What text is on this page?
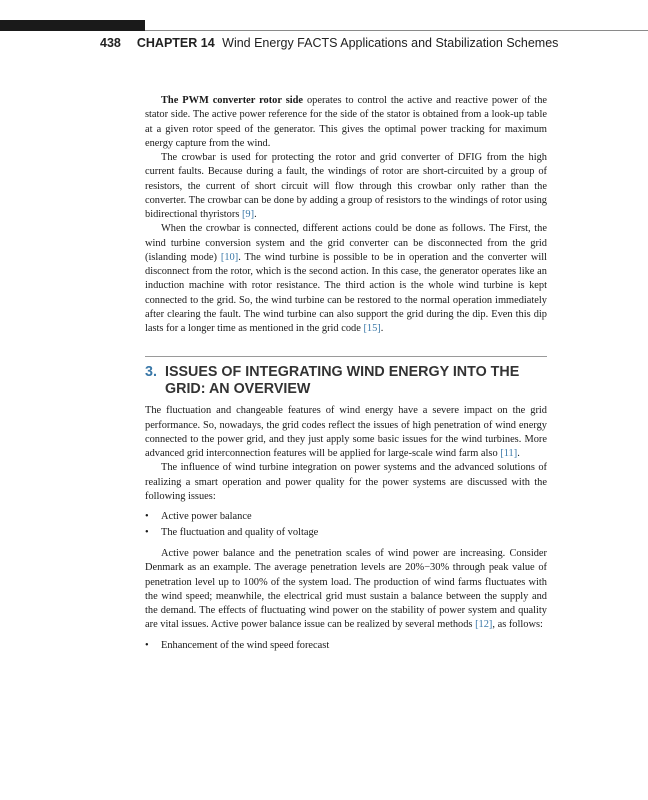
438 CHAPTER 14 Wind Energy FACTS Applications and Stabilization Schemes

The PWM converter rotor side operates to control the active and reactive power of the stator side. The active power reference for the side of the stator is obtained from a look-up table at a given rotor speed of the generator. This gives the optimal power tracking for maximum energy capture from the wind.

The crowbar is used for protecting the rotor and grid converter of DFIG from the high current faults. Because during a fault, the windings of rotor are short-circuited by a group of resistors, the current of short circuit will flow through this crowbar only rather than the converter. The crowbar can be done by adding a group of resistors to the windings of rotor using bidirectional thyristors [9].

When the crowbar is connected, different actions could be done as follows. The First, the wind turbine conversion system and the grid converter can be disconnected from the grid (islanding mode) [10]. The wind turbine is possible to be in operation and the converter will disconnect from the rotor, which is the second action. In this case, the generator operates like an induction machine with rotor resistance. The third action is the whole wind turbine is kept connected to the grid. So, the wind turbine can be restored to the normal operation immediately after clearing the fault. The wind turbine can also support the grid during the dip. Even this dip lasts for a longer time as mentioned in the grid code [15].

3. ISSUES OF INTEGRATING WIND ENERGY INTO THE GRID: AN OVERVIEW

The fluctuation and changeable features of wind energy have a severe impact on the grid performance. So, nowadays, the grid codes reflect the issues of high penetration of wind energy connected to the power grid, and they just apply some basic issues for the wind turbines. More advanced grid interconnection features will be applied for large-scale wind farm also [11].

The influence of wind turbine integration on power systems and the advanced solutions of realizing a smart operation and power quality for the power systems are discussed with the following issues:

• Active power balance
• The fluctuation and quality of voltage

Active power balance and the penetration scales of wind power are increasing. Consider Denmark as an example. The average penetration levels are 20%−30% through peak value of penetration level up to 100% of the system load. The production of wind farms fluctuates with the wind speed; meanwhile, the electrical grid must sustain a balance between the supply and the demand. The effects of fluctuating wind power on the stability of power system and quality are vital issues. Active power balance issue can be realized by several methods [12], as follows:

• Enhancement of the wind speed forecast
